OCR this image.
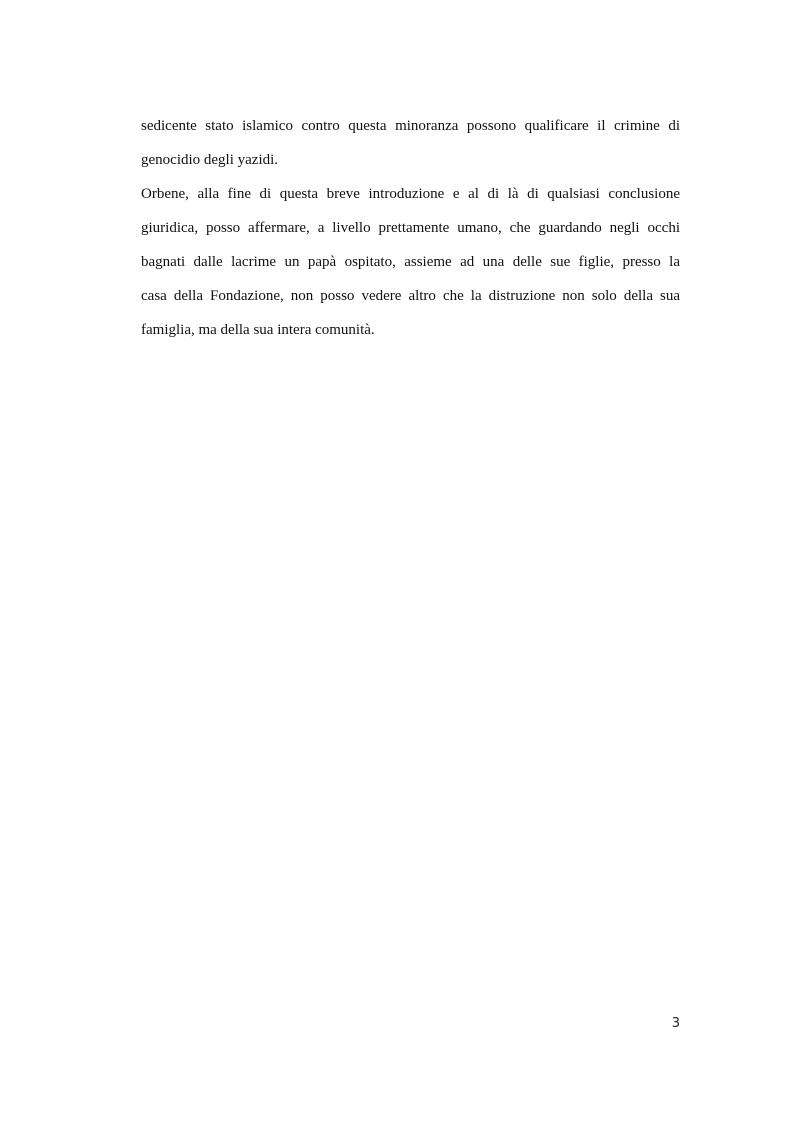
sedicente stato islamico contro questa minoranza possono qualificare il crimine di
genocidio degli yazidi.
Orbene, alla fine di questa breve introduzione e al di là di qualsiasi conclusione
giuridica, posso affermare, a livello prettamente umano, che guardando negli occhi
bagnati dalle lacrime un papà ospitato, assieme ad una delle sue figlie, presso la
casa della Fondazione, non posso vedere altro che la distruzione non solo della sua
famiglia, ma della sua intera comunità.
3
